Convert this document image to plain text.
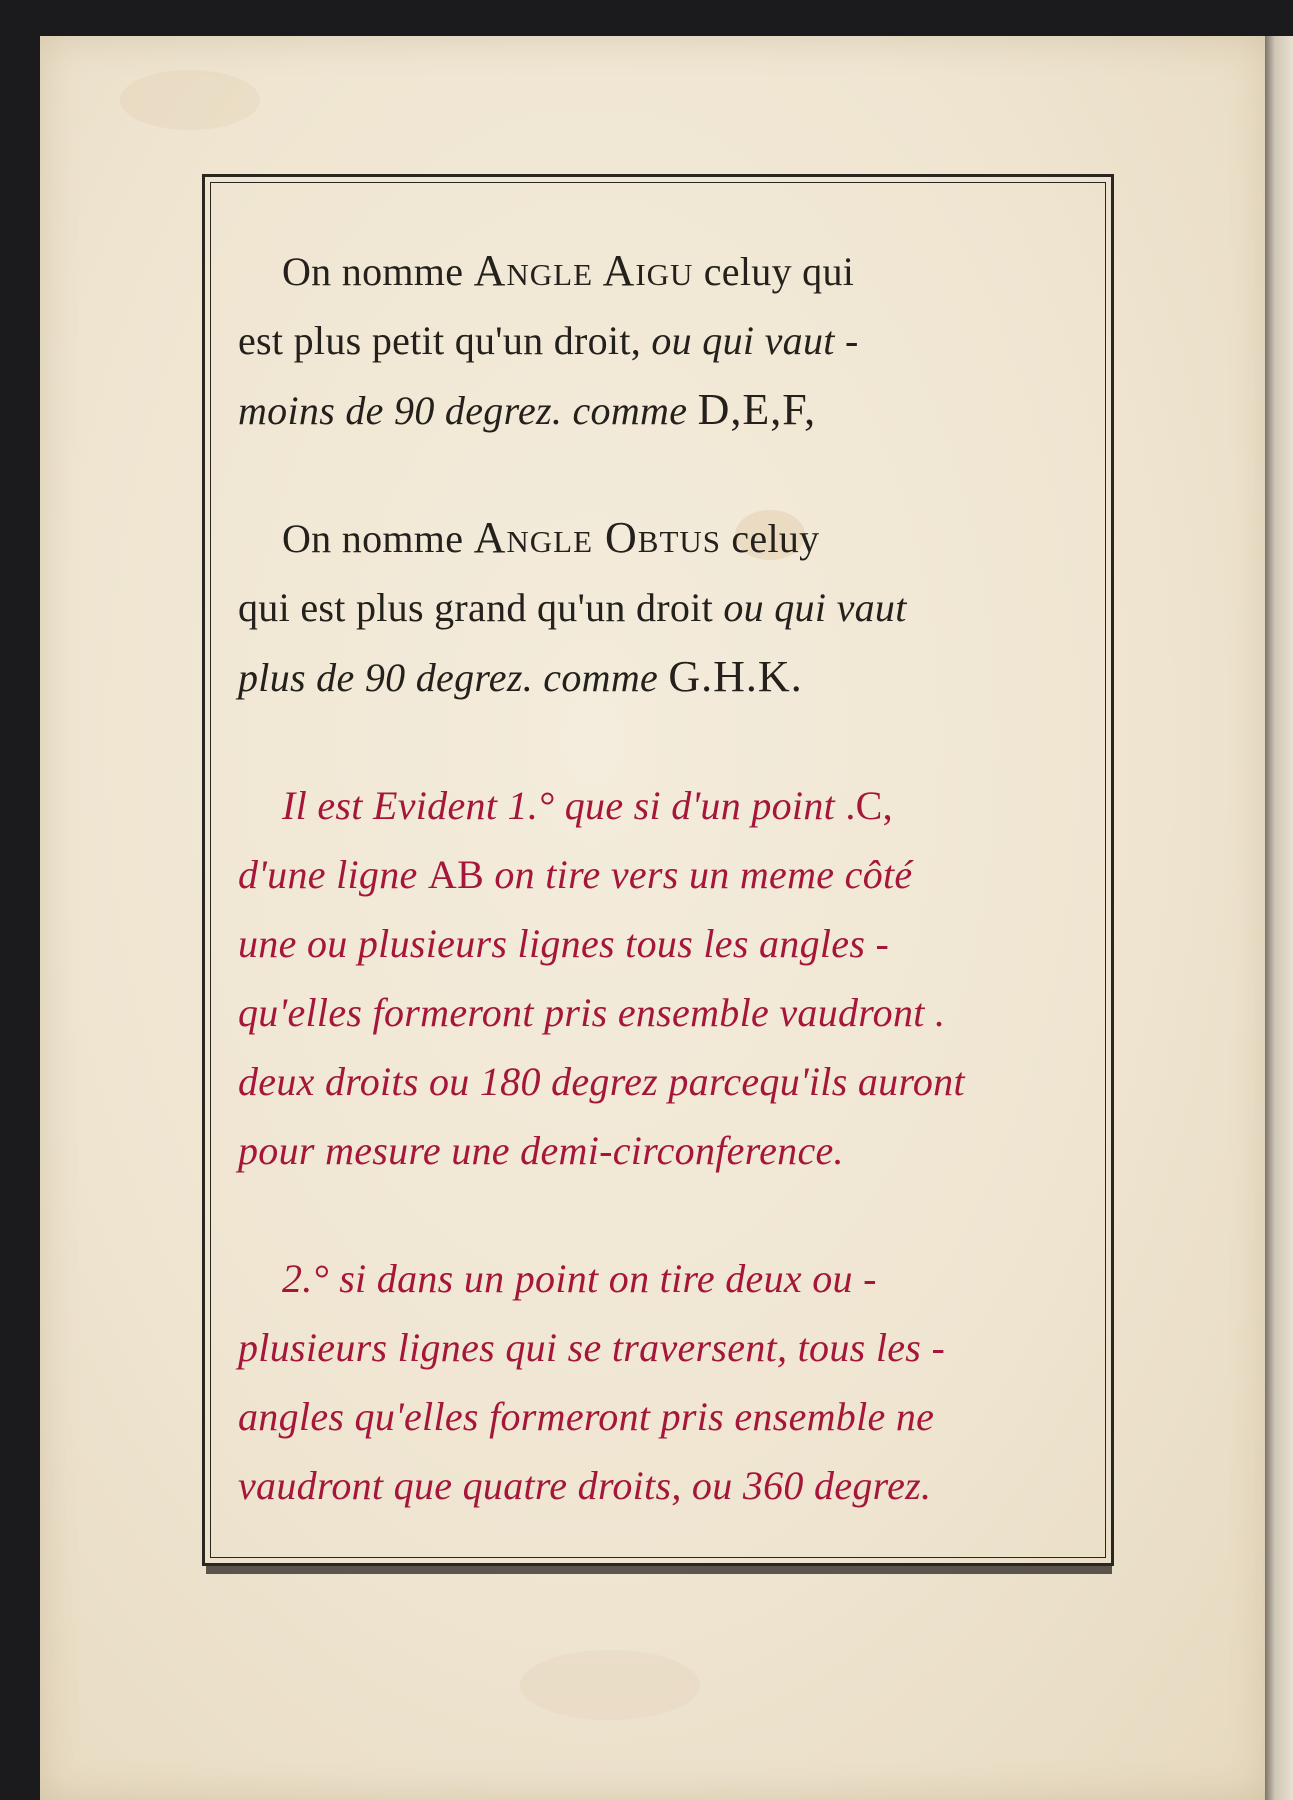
On nomme Angle Aigu celuy qui
est plus petit qu'un droit, ou qui vaut -
moins de 90 degrez. comme D,E,F,
On nomme Angle Obtus celuy
qui est plus grand qu'un droit ou qui vaut
plus de 90 degrez. comme G.H.K.
Il est Evident 1.° que si d'un point .C,
d'une ligne AB on tire vers un meme côté
une ou plusieurs lignes tous les angles -
qu'elles formeront pris ensemble vaudront .
deux droits ou 180 degrez parcequ'ils auront
pour mesure une demi-circonference.
2.° si dans un point on tire deux ou -
plusieurs lignes qui se traversent, tous les -
angles qu'elles formeront pris ensemble ne
vaudront que quatre droits, ou 360 degrez.
